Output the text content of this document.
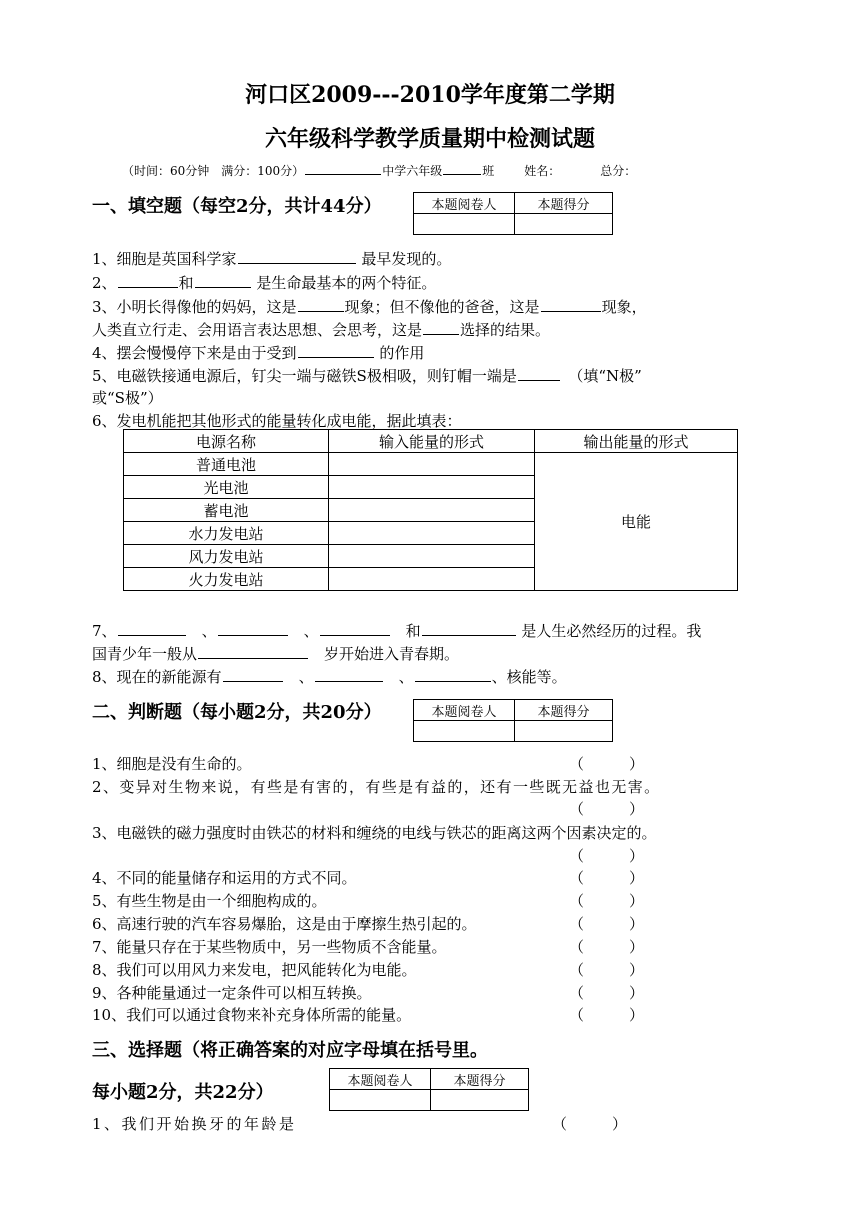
河口区2009---2010学年度第二学期
六年级科学教学质量期中检测试题
（时间：60分钟　满分：100分）	中学六年级	班	姓名：	总分：
一、填空题（每空2分，共计44分）	本题阅卷人	本题得分

1、细胞是英国科学家	最早发现的。
2、	和	是生命最基本的两个特征。
3、小明长得像他的妈妈，这是	现象；但不像他的爸爸，这是	现象，
人类直立行走、会用语言表达思想、会思考，这是	选择的结果。
4、摆会慢慢停下来是由于受到	的作用
5、电磁铁接通电源后，钉尖一端与磁铁S极相吸，则钉帽一端是　	（填“N极”
或“S极”）
6、发电机能把其他形式的能量转化成电能，据此填表：
电源名称	输入能量的形式	输出能量的形式
普通电池		电能
光电池		
蓄电池		
水力发电站		
风力发电站		
火力发电站		
7、　	、　	、　	和	是人生必然经历的过程。我
国青少年一般从　	岁开始进入青春期。
8、现在的新能源有　	、　	、	、核能等。
二、判断题（每小题2分，共20分）	本题阅卷人	本题得分

1、细胞是没有生命的。	（　　　）
2、变异对生物来说，有些是有害的，有些是有益的，还有一些既无益也无害。
（　　　）
3、电磁铁的磁力强度时由铁芯的材料和缠绕的电线与铁芯的距离这两个因素决定的。
（　　　）
4、不同的能量储存和运用的方式不同。	（　　　）
5、有些生物是由一个细胞构成的。	（　　　）
6、高速行驶的汽车容易爆胎，这是由于摩擦生热引起的。	（　　　）
7、能量只存在于某些物质中，另一些物质不含能量。	（　　　）
8、我们可以用风力来发电，把风能转化为电能。	（　　　）
9、各种能量通过一定条件可以相互转换。	（　　　）
10、我们可以通过食物来补充身体所需的能量。	（　　　）
三、选择题（将正确答案的对应字母填在括号里。
每小题2分，共22分）
本题阅卷人	本题得分

1、我们开始换牙的年龄是	（　　　）
